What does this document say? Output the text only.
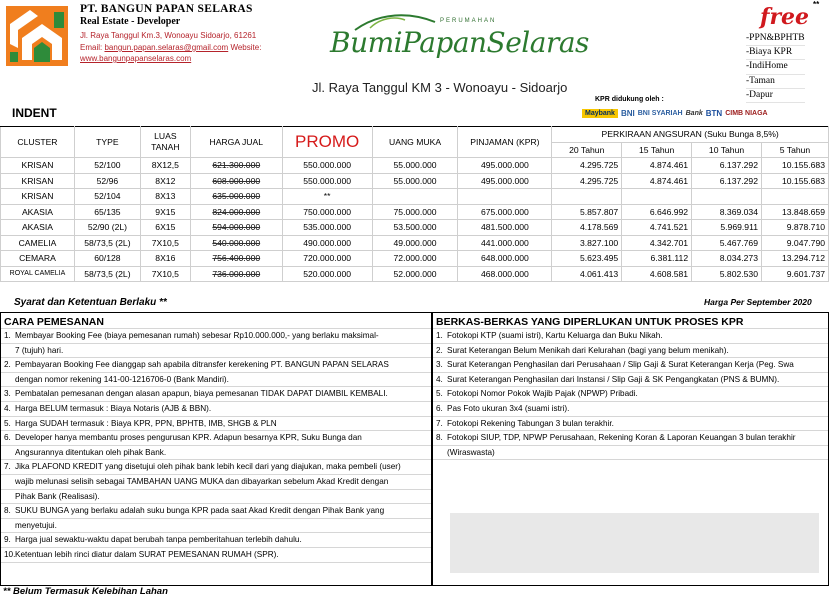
PT. BANGUN PAPAN SELARAS
Real Estate - Developer
Jl. Raya Tanggul Km.3, Wonoayu Sidoarjo, 61261
Email: bangun.papan.selaras@gmail.com Website:
www.bangunpapanselaras.com
PERUMAHAN
BumiPapanSelaras
Jl. Raya Tanggul KM 3 - Wonoayu - Sidoarjo
**
free
-PPN&BPHTB
-Biaya KPR
-IndiHome
-Taman
-Dapur
INDENT
KPR didukung oleh :
Maybank BNI BNI SYARIAH Bank BTN CIMB NIAGA
CLUSTER	TYPE	LUAS TANAH	HARGA JUAL	PROMO	UANG MUKA	PINJAMAN (KPR)	PERKIRAAN ANGSURAN (Suku Bunga 8,5%)			
							20 Tahun	15 Tahun	10 Tahun	5 Tahun
KRISAN	52/100	8X12,5	621.300.000	550.000.000	55.000.000	495.000.000	4.295.725	4.874.461	6.137.292	10.155.683
KRISAN	52/96	8X12	608.000.000	550.000.000	55.000.000	495.000.000	4.295.725	4.874.461	6.137.292	10.155.683
KRISAN	52/104	8X13	635.000.000	**						
AKASIA	65/135	9X15	824.000.000	750.000.000	75.000.000	675.000.000	5.857.807	6.646.992	8.369.034	13.848.659
AKASIA	52/90 (2L)	6X15	594.000.000	535.000.000	53.500.000	481.500.000	4.178.569	4.741.521	5.969.911	9.878.710
CAMELIA	58/73,5 (2L)	7X10,5	540.000.000	490.000.000	49.000.000	441.000.000	3.827.100	4.342.701	5.467.769	9.047.790
CEMARA	60/128	8X16	756.400.000	720.000.000	72.000.000	648.000.000	5.623.495	6.381.112	8.034.273	13.294.712
ROYAL CAMELIA	58/73,5 (2L)	7X10,5	736.000.000	520.000.000	52.000.000	468.000.000	4.061.413	4.608.581	5.802.530	9.601.737
Syarat dan Ketentuan Berlaku **	Harga Per September 2020
CARA PEMESANAN
1. Membayar Booking Fee (biaya pemesanan rumah) sebesar Rp10.000.000,- yang berlaku maksimal-
7 (tujuh) hari.
2. Pembayaran Booking Fee dianggap sah apabila ditransfer kerekening PT. BANGUN PAPAN SELARAS
dengan nomor rekening 141-00-1216706-0 (Bank Mandiri).
3. Pembatalan pemesanan dengan alasan apapun, biaya pemesanan TIDAK DAPAT DIAMBIL KEMBALI.
4. Harga BELUM termasuk : Biaya Notaris (AJB & BBN).
5. Harga SUDAH termasuk : Biaya KPR, PPN, BPHTB, IMB, SHGB & PLN
6. Developer hanya membantu proses pengurusan KPR. Adapun besarnya KPR, Suku Bunga dan
Angsurannya ditentukan oleh pihak Bank.
7. Jika PLAFOND KREDIT yang disetujui oleh pihak bank lebih kecil dari yang diajukan, maka pembeli (user)
wajib melunasi selisih sebagai TAMBAHAN UANG MUKA dan dibayarkan sebelum Akad Kredit dengan
Pihak Bank (Realisasi).
8. SUKU BUNGA yang berlaku adalah suku bunga KPR pada saat Akad Kredit dengan Pihak Bank yang
menyetujui.
9. Harga jual sewaktu-waktu dapat berubah tanpa pemberitahuan terlebih dahulu.
10. Ketentuan lebih rinci diatur dalam SURAT PEMESANAN RUMAH (SPR).
BERKAS-BERKAS YANG DIPERLUKAN UNTUK PROSES KPR
1. Fotokopi KTP (suami istri), Kartu Keluarga dan Buku Nikah.
2. Surat Keterangan Belum Menikah dari Kelurahan (bagi yang belum menikah).
3. Surat Keterangan Penghasilan dari Perusahaan / Slip Gaji & Surat Keterangan Kerja (Peg. Swa
4. Surat Keterangan Penghasilan dari Instansi / Slip Gaji & SK Pengangkatan (PNS & BUMN).
5. Fotokopi Nomor Pokok Wajib Pajak (NPWP) Pribadi.
6. Pas Foto ukuran 3x4 (suami istri).
7. Fotokopi Rekening Tabungan 3 bulan terakhir.
8. Fotokopi SIUP, TDP, NPWP Perusahaan, Rekening Koran & Laporan Keuangan 3 bulan terakhir
(Wiraswasta)
** Belum Termasuk Kelebihan Lahan
